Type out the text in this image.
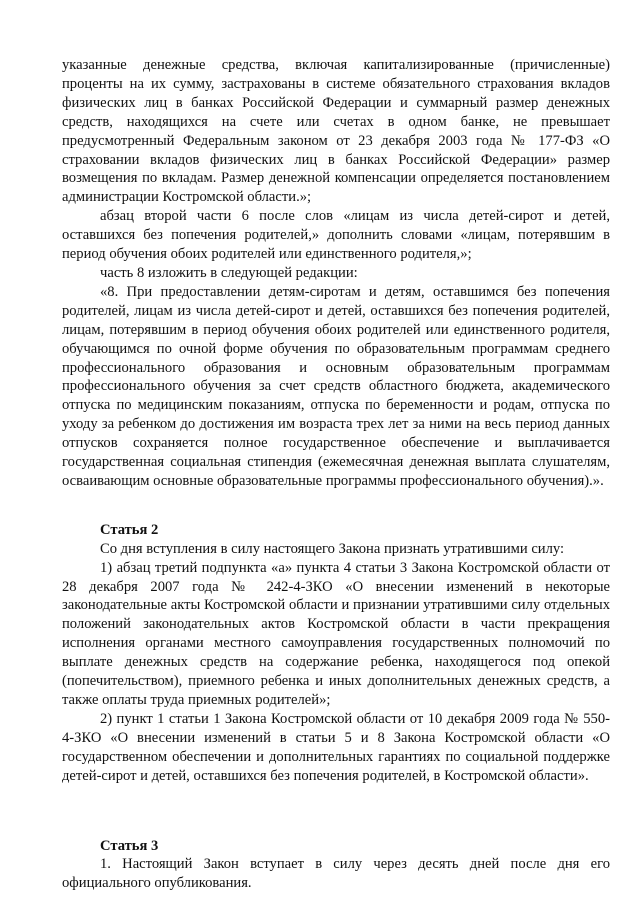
указанные денежные средства, включая капитализированные (причисленные) проценты на их сумму, застрахованы в системе обязательного страхования вкладов физических лиц в банках Российской Федерации и суммарный размер денежных средств, находящихся на счете или счетах в одном банке, не превышает предусмотренный Федеральным законом от 23 декабря 2003 года № 177-ФЗ «О страховании вкладов физических лиц в банках Российской Федерации» размер возмещения по вкладам. Размер денежной компенсации определяется постановлением администрации Костромской области.»;

абзац второй части 6 после слов «лицам из числа детей-сирот и детей, оставшихся без попечения родителей,» дополнить словами «лицам, потерявшим в период обучения обоих родителей или единственного родителя,»;

часть 8 изложить в следующей редакции:

«8. При предоставлении детям-сиротам и детям, оставшимся без попечения родителей, лицам из числа детей-сирот и детей, оставшихся без попечения родителей, лицам, потерявшим в период обучения обоих родителей или единственного родителя, обучающимся по очной форме обучения по образовательным программам среднего профессионального образования и основным образовательным программам профессионального обучения за счет средств областного бюджета, академического отпуска по медицинским показаниям, отпуска по беременности и родам, отпуска по уходу за ребенком до достижения им возраста трех лет за ними на весь период данных отпусков сохраняется полное государственное обеспечение и выплачивается государственная социальная стипендия (ежемесячная денежная выплата слушателям, осваивающим основные образовательные программы профессионального обучения).».

Статья 2

Со дня вступления в силу настоящего Закона признать утратившими силу:

1) абзац третий подпункта «а» пункта 4 статьи 3 Закона Костромской области от 28 декабря 2007 года № 242-4-ЗКО «О внесении изменений в некоторые законодательные акты Костромской области и признании утратившими силу отдельных положений законодательных актов Костромской области в части прекращения исполнения органами местного самоуправления государственных полномочий по выплате денежных средств на содержание ребенка, находящегося под опекой (попечительством), приемного ребенка и иных дополнительных денежных средств, а также оплаты труда приемных родителей»;

2) пункт 1 статьи 1 Закона Костромской области от 10 декабря 2009 года № 550-4-ЗКО «О внесении изменений в статьи 5 и 8 Закона Костромской области «О государственном обеспечении и дополнительных гарантиях по социальной поддержке детей-сирот и детей, оставшихся без попечения родителей, в Костромской области».

Статья 3

1. Настоящий Закон вступает в силу через десять дней после дня его официального опубликования.
